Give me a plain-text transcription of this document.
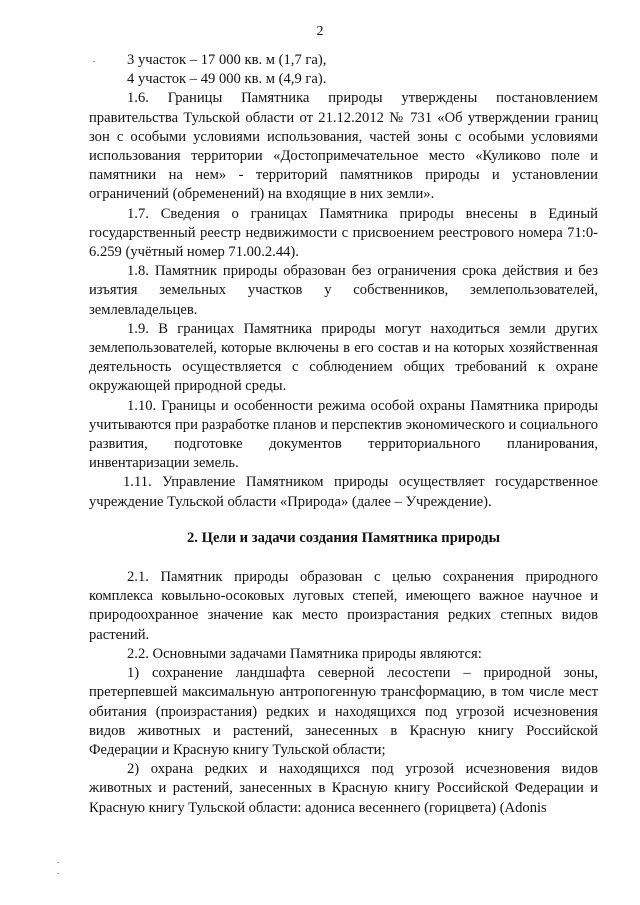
2

3 участок – 17 000 кв. м (1,7 га),

4 участок – 49 000 кв. м (4,9 га).

1.6. Границы Памятника природы утверждены постановлением правительства Тульской области от 21.12.2012 № 731 «Об утверждении границ зон с особыми условиями использования, частей зоны с особыми условиями использования территории «Достопримечательное место «Куликово поле и памятники на нем» - территорий памятников природы и установлении ограничений (обременений) на входящие в них земли».

1.7. Сведения о границах Памятника природы внесены в Единый государственный реестр недвижимости с присвоением реестрового номера 71:0-6.259 (учётный номер 71.00.2.44).

1.8. Памятник природы образован без ограничения срока действия и без изъятия земельных участков у собственников, землепользователей, землевладельцев.

1.9. В границах Памятника природы могут находиться земли других землепользователей, которые включены в его состав и на которых хозяйственная деятельность осуществляется с соблюдением общих требований к охране окружающей природной среды.

1.10. Границы и особенности режима особой охраны Памятника природы учитываются при разработке планов и перспектив экономического и социального развития, подготовке документов территориального планирования, инвентаризации земель.

1.11. Управление Памятником природы осуществляет государственное учреждение Тульской области «Природа» (далее – Учреждение).

2. Цели и задачи создания Памятника природы

2.1. Памятник природы образован с целью сохранения природного комплекса ковыльно-осоковых луговых степей, имеющего важное научное и природоохранное значение как место произрастания редких степных видов растений.

2.2. Основными задачами Памятника природы являются:

1) сохранение ландшафта северной лесостепи – природной зоны, претерпевшей максимальную антропогенную трансформацию, в том числе мест обитания (произрастания) редких и находящихся под угрозой исчезновения видов животных и растений, занесенных в Красную книгу Российской Федерации и Красную книгу Тульской области;

2) охрана редких и находящихся под угрозой исчезновения видов животных и растений, занесенных в Красную книгу Российской Федерации и Красную книгу Тульской области: адониса весеннего (горицвета) (Adonis
